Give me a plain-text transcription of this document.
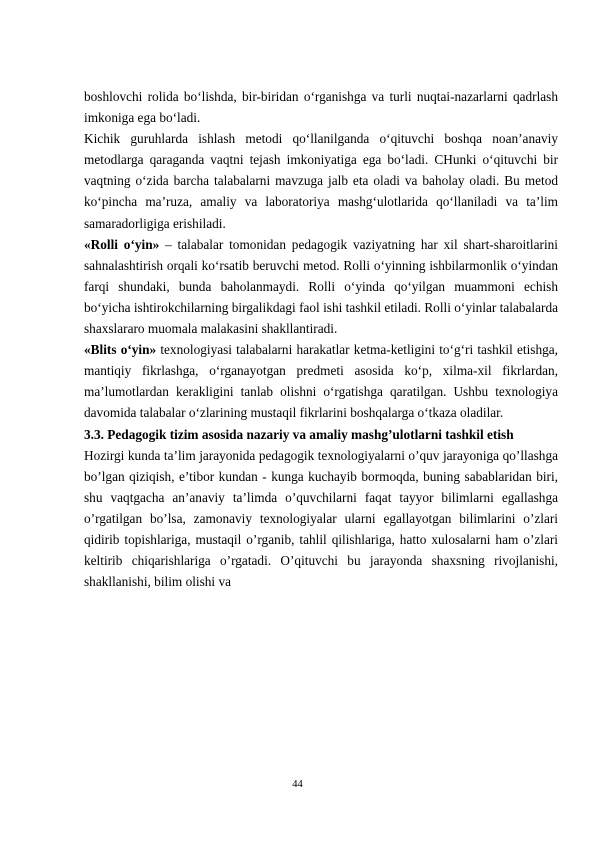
boshlovchi rolida bo‘lishda, bir-biridan o‘rganishga va turli nuqtai-nazarlarni qadrlash imkoniga ega bo‘ladi.

Kichik guruhlarda ishlash metodi qo‘llanilganda o‘qituvchi boshqa noan’anaviy metodlarga qaraganda vaqtni tejash imkoniyatiga ega bo‘ladi. CHunki o‘qituvchi bir vaqtning o‘zida barcha talabalarni mavzuga jalb eta oladi va baholay oladi. Bu metod ko‘pincha ma’ruza, amaliy va laboratoriya mashg‘ulotlarida qo‘llaniladi va ta’lim samaradorligiga erishiladi.

«Rolli o‘yin» – talabalar tomonidan pedagogik vaziyatning har xil shart-sharoitlarini sahnalashtirish orqali ko‘rsatib beruvchi metod. Rolli o‘yinning ishbilarmonlik o‘yindan farqi shundaki, bunda baholanmaydi. Rolli o‘yinda qo‘yilgan muammoni echish bo‘yicha ishtirokchilarning birgalikdagi faol ishi tashkil etiladi. Rolli o‘yinlar talabalarda shaxslararo muomala malakasini shakllantiradi.

«Blits o‘yin» texnologiyasi talabalarni harakatlar ketma-ketligini to‘g‘ri tashkil etishga, mantiqiy fikrlashga, o‘rganayotgan predmeti asosida ko‘p, xilma-xil fikrlardan, ma’lumotlardan kerakligini tanlab olishni o‘rgatishga qaratilgan. Ushbu texnologiya davomida talabalar o‘zlarining mustaqil fikrlarini boshqalarga o‘tkaza oladilar.

3.3. Pedagogik tizim asosida nazariy va amaliy mashg’ulotlarni tashkil etish

Hozirgi kunda ta’lim jarayonida pedagogik texnologiyalarni o’quv jarayoniga qo’llashga bo’lgan qiziqish, e’tibor kundan - kunga kuchayib bormoqda, buning sabablaridan biri, shu vaqtgacha an’anaviy ta’limda o’quvchilarni faqat tayyor bilimlarni egallashga o’rgatilgan bo’lsa, zamonaviy texnologiyalar ularni egallayotgan bilimlarini o’zlari qidirib topishlariga, mustaqil o’rganib, tahlil qilishlariga, hatto xulosalarni ham o’zlari keltirib chiqarishlariga o’rgatadi. O’qituvchi bu jarayonda shaxsning rivojlanishi, shakllanishi, bilim olishi va

44
